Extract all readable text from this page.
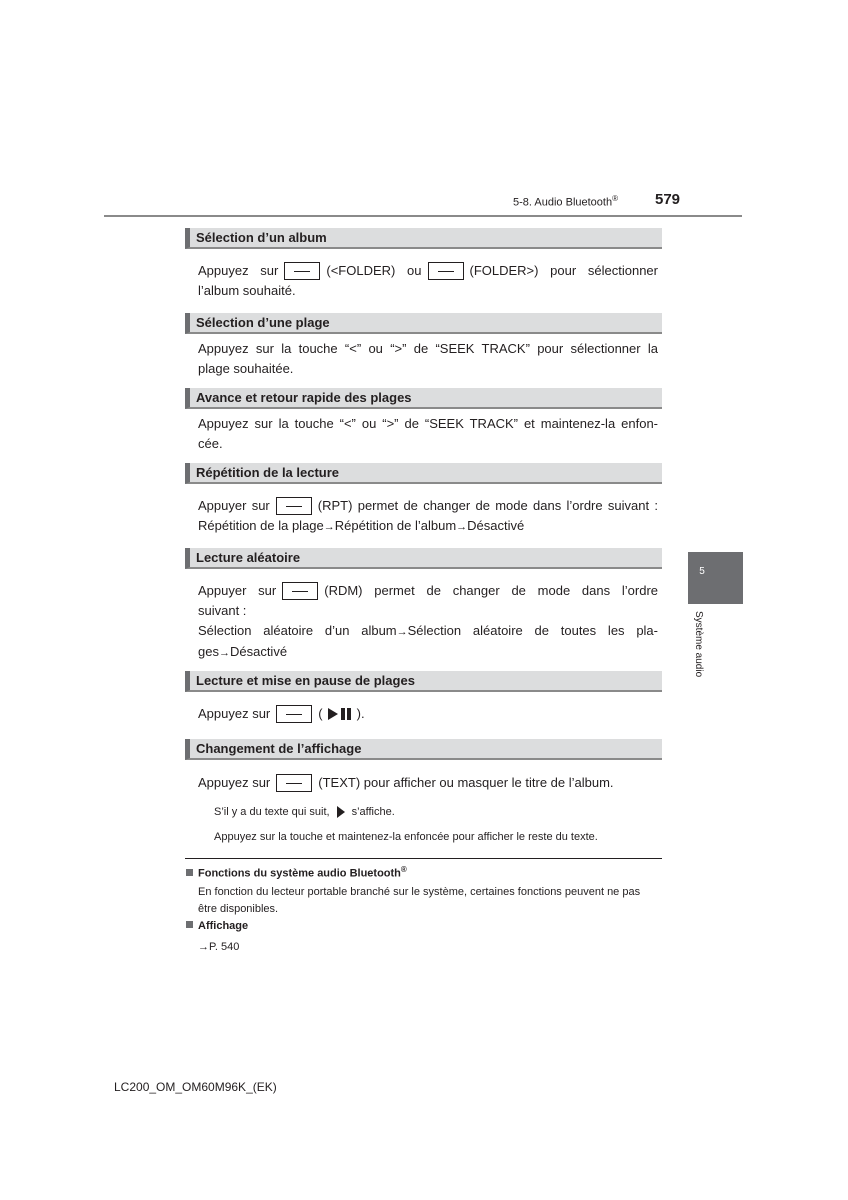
5-8. Audio Bluetooth® 579
5
Système audio
Sélection d’un album
Appuyez sur	(<FOLDER) ou	(FOLDER>) pour sélectionner
l’album souhaité.
Sélection d’une plage
Appuyez sur la touche “<” ou “>” de “SEEK TRACK” pour sélectionner la
plage souhaitée.
Avance et retour rapide des plages
Appuyez sur la touche “<” ou “>” de “SEEK TRACK” et maintenez-la enfon-
cée.
Répétition de la lecture
Appuyer sur	(RPT) permet de changer de mode dans l’ordre suivant :
Répétition de la plage→Répétition de l’album→Désactivé
Lecture aléatoire
Appuyer sur	(RDM) permet de changer de mode dans l’ordre
suivant :
Sélection aléatoire d’un album→Sélection aléatoire de toutes les pla-
ges→Désactivé
Lecture et mise en pause de plages
Appuyez sur	(	).
Changement de l’affichage
Appuyez sur	(TEXT) pour afficher ou masquer le titre de l’album.
S’il y a du texte qui suit, s’affiche.
Appuyez sur la touche et maintenez-la enfoncée pour afficher le reste du texte.
Fonctions du système audio Bluetooth®
En fonction du lecteur portable branché sur le système, certaines fonctions peuvent ne pas être disponibles.
Affichage
→P. 540
LC200_OM_OM60M96K_(EK)
